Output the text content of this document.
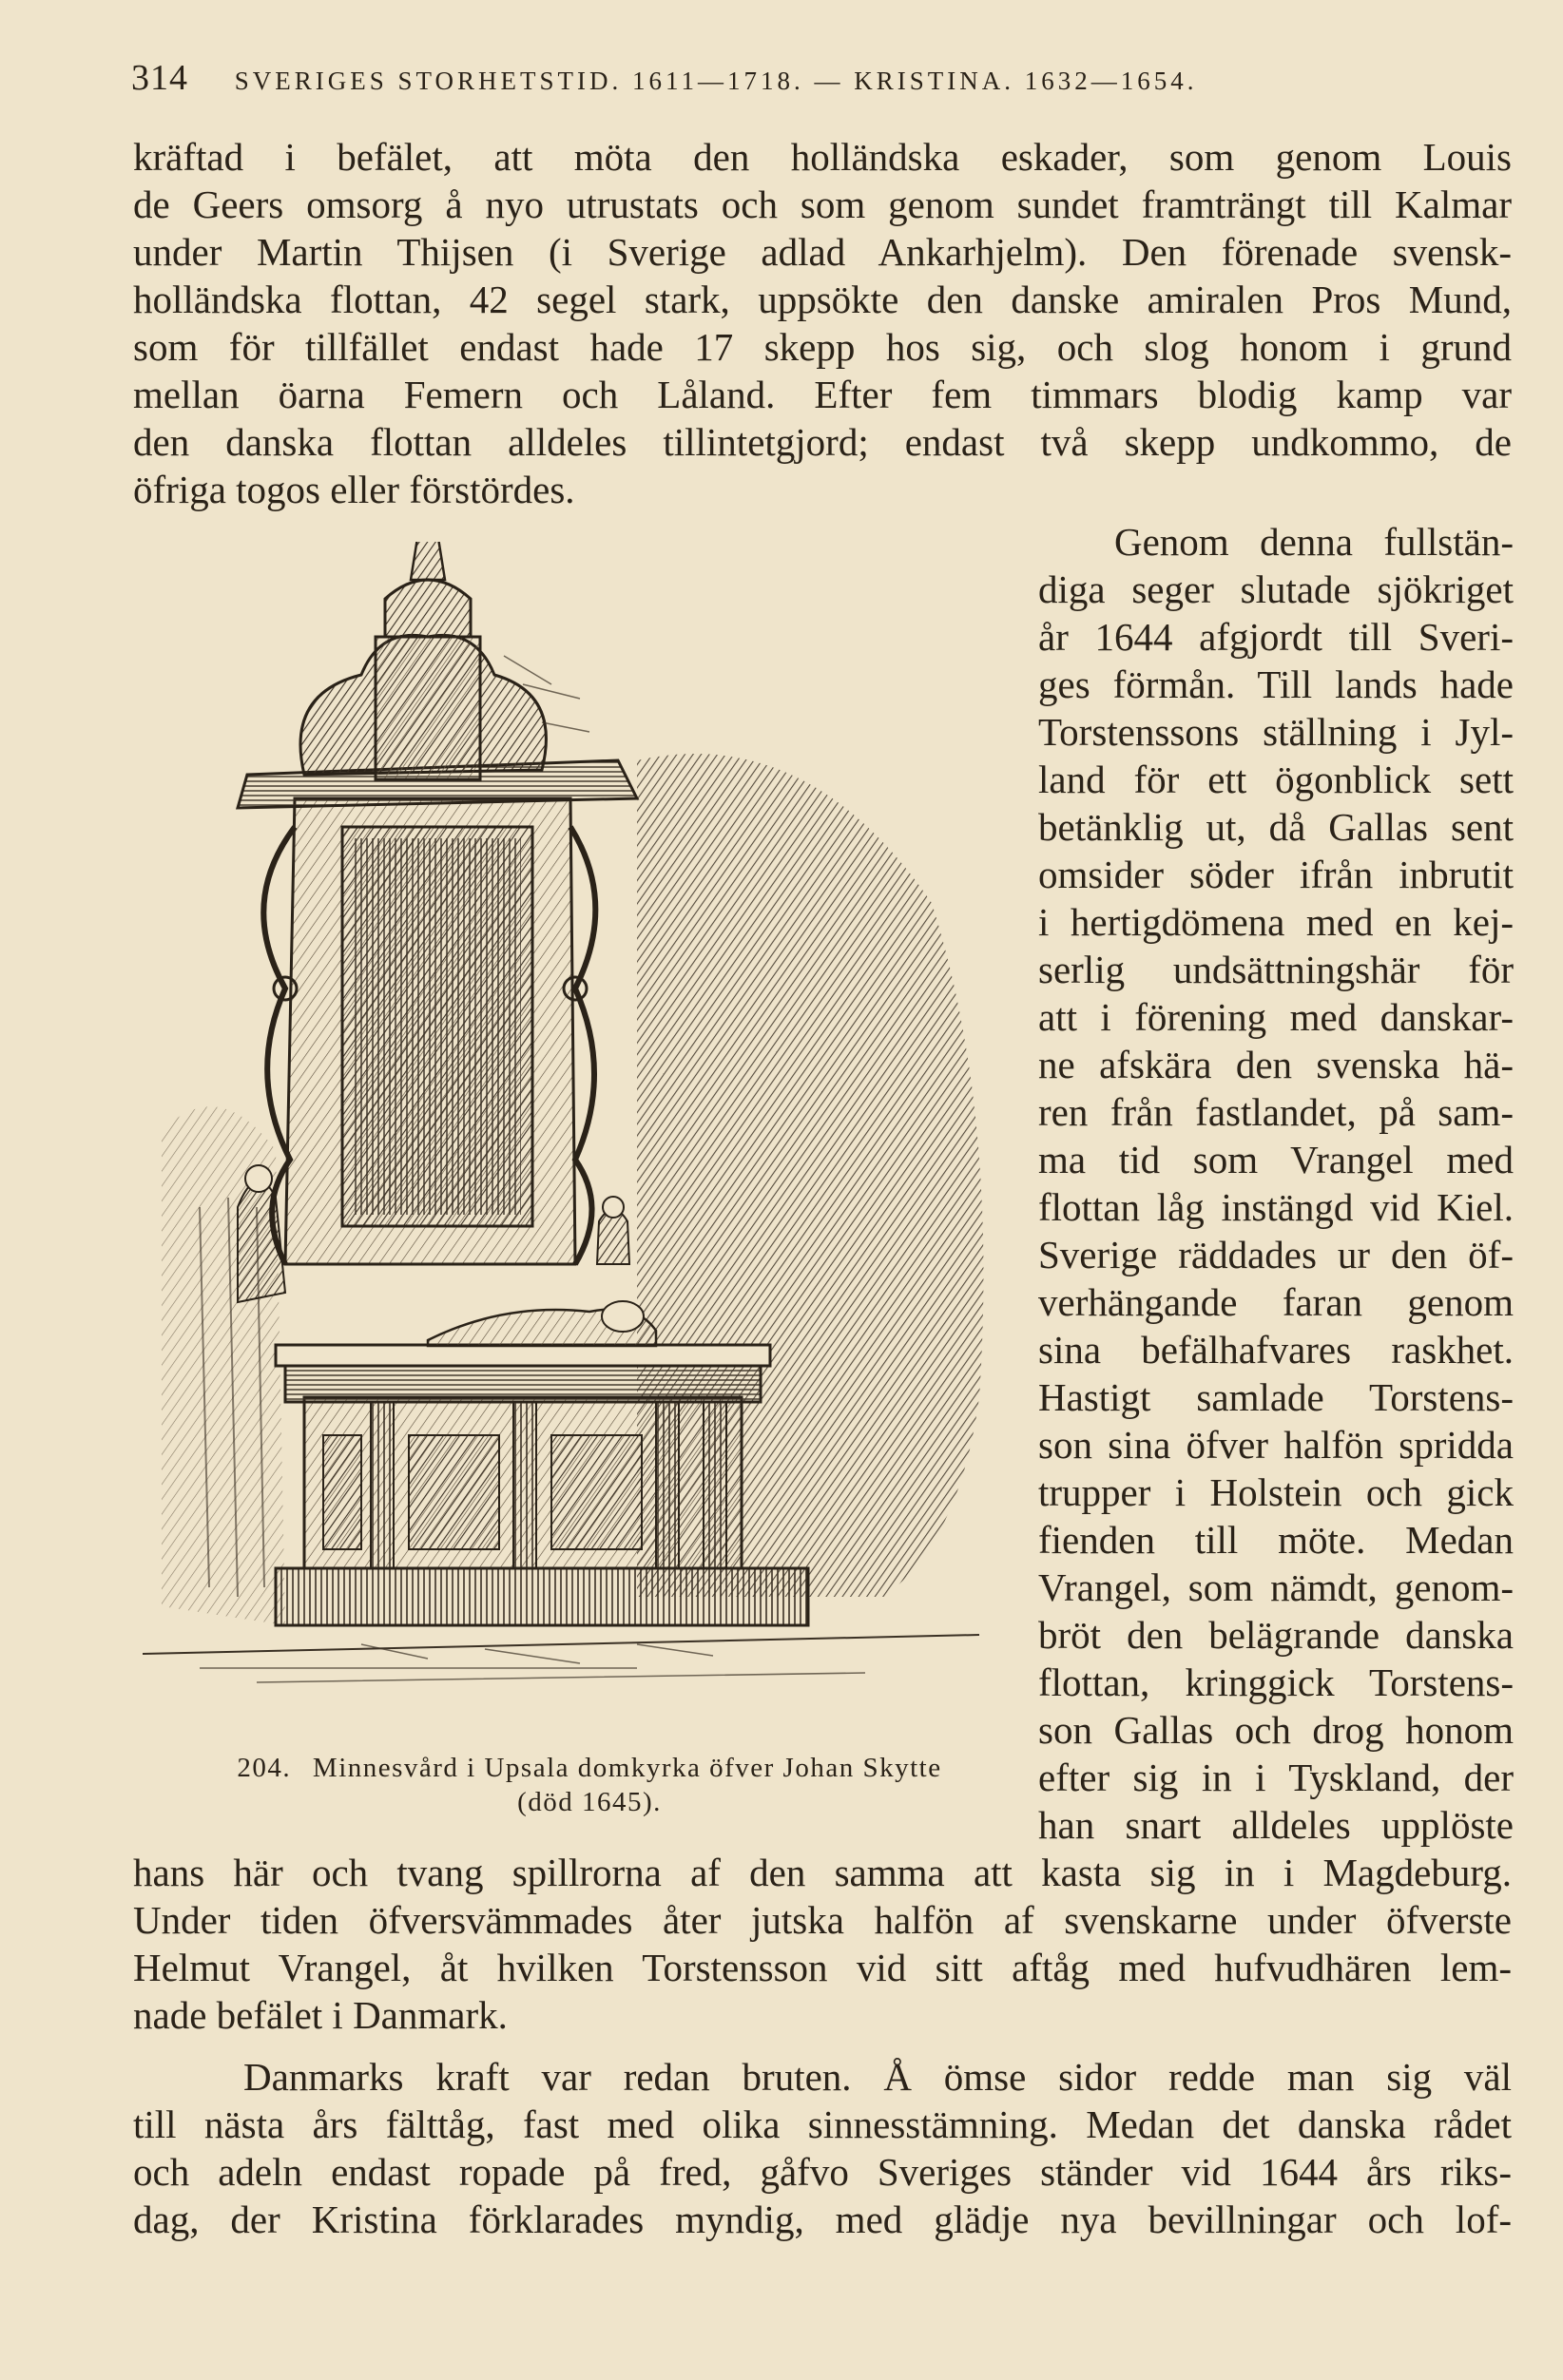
314 SVERIGES STORHETSTID. 1611—1718. — KRISTINA. 1632—1654.
kräftad i befälet, att möta den holländska eskader, som genom Louis
de Geers omsorg å nyo utrustats och som genom sundet framträngt till Kalmar
under Martin Thijsen (i Sverige adlad Ankarhjelm). Den förenade svensk-
holländska flottan, 42 segel stark, uppsökte den danske amiralen Pros Mund,
som för tillfället endast hade 17 skepp hos sig, och slog honom i grund
mellan öarna Femern och Låland. Efter fem timmars blodig kamp var
den danska flottan alldeles tillintetgjord; endast två skepp undkommo, de
öfriga togos eller förstördes.
Genom denna fullstän-
diga seger slutade sjökriget
år 1644 afgjordt till Sveri-
ges förmån. Till lands hade
Torstenssons ställning i Jyl-
land för ett ögonblick sett
betänklig ut, då Gallas sent
omsider söder ifrån inbrutit
i hertigdömena med en kej-
serlig undsättningshär för
att i förening med danskar-
ne afskära den svenska hä-
ren från fastlandet, på sam-
ma tid som Vrangel med
flottan låg instängd vid Kiel.
Sverige räddades ur den öf-
verhängande faran genom
sina befälhafvares raskhet.
Hastigt samlade Torstens-
son sina öfver halfön spridda
trupper i Holstein och gick
fienden till möte. Medan
Vrangel, som nämdt, genom-
bröt den belägrande danska
flottan, kringgick Torstens-
son Gallas och drog honom
efter sig in i Tyskland, der
han snart alldeles upplöste
204. Minnesvård i Upsala domkyrka öfver Johan Skytte
(död 1645).
hans här och tvang spillrorna af den samma att kasta sig in i Magdeburg.
Under tiden öfversvämmades åter jutska halfön af svenskarne under öfverste
Helmut Vrangel, åt hvilken Torstensson vid sitt aftåg med hufvudhären lem-
nade befälet i Danmark.
Danmarks kraft var redan bruten. Å ömse sidor redde man sig väl
till nästa års fälttåg, fast med olika sinnesstämning. Medan det danska rådet
och adeln endast ropade på fred, gåfvo Sveriges ständer vid 1644 års riks-
dag, der Kristina förklarades myndig, med glädje nya bevillningar och lof-
